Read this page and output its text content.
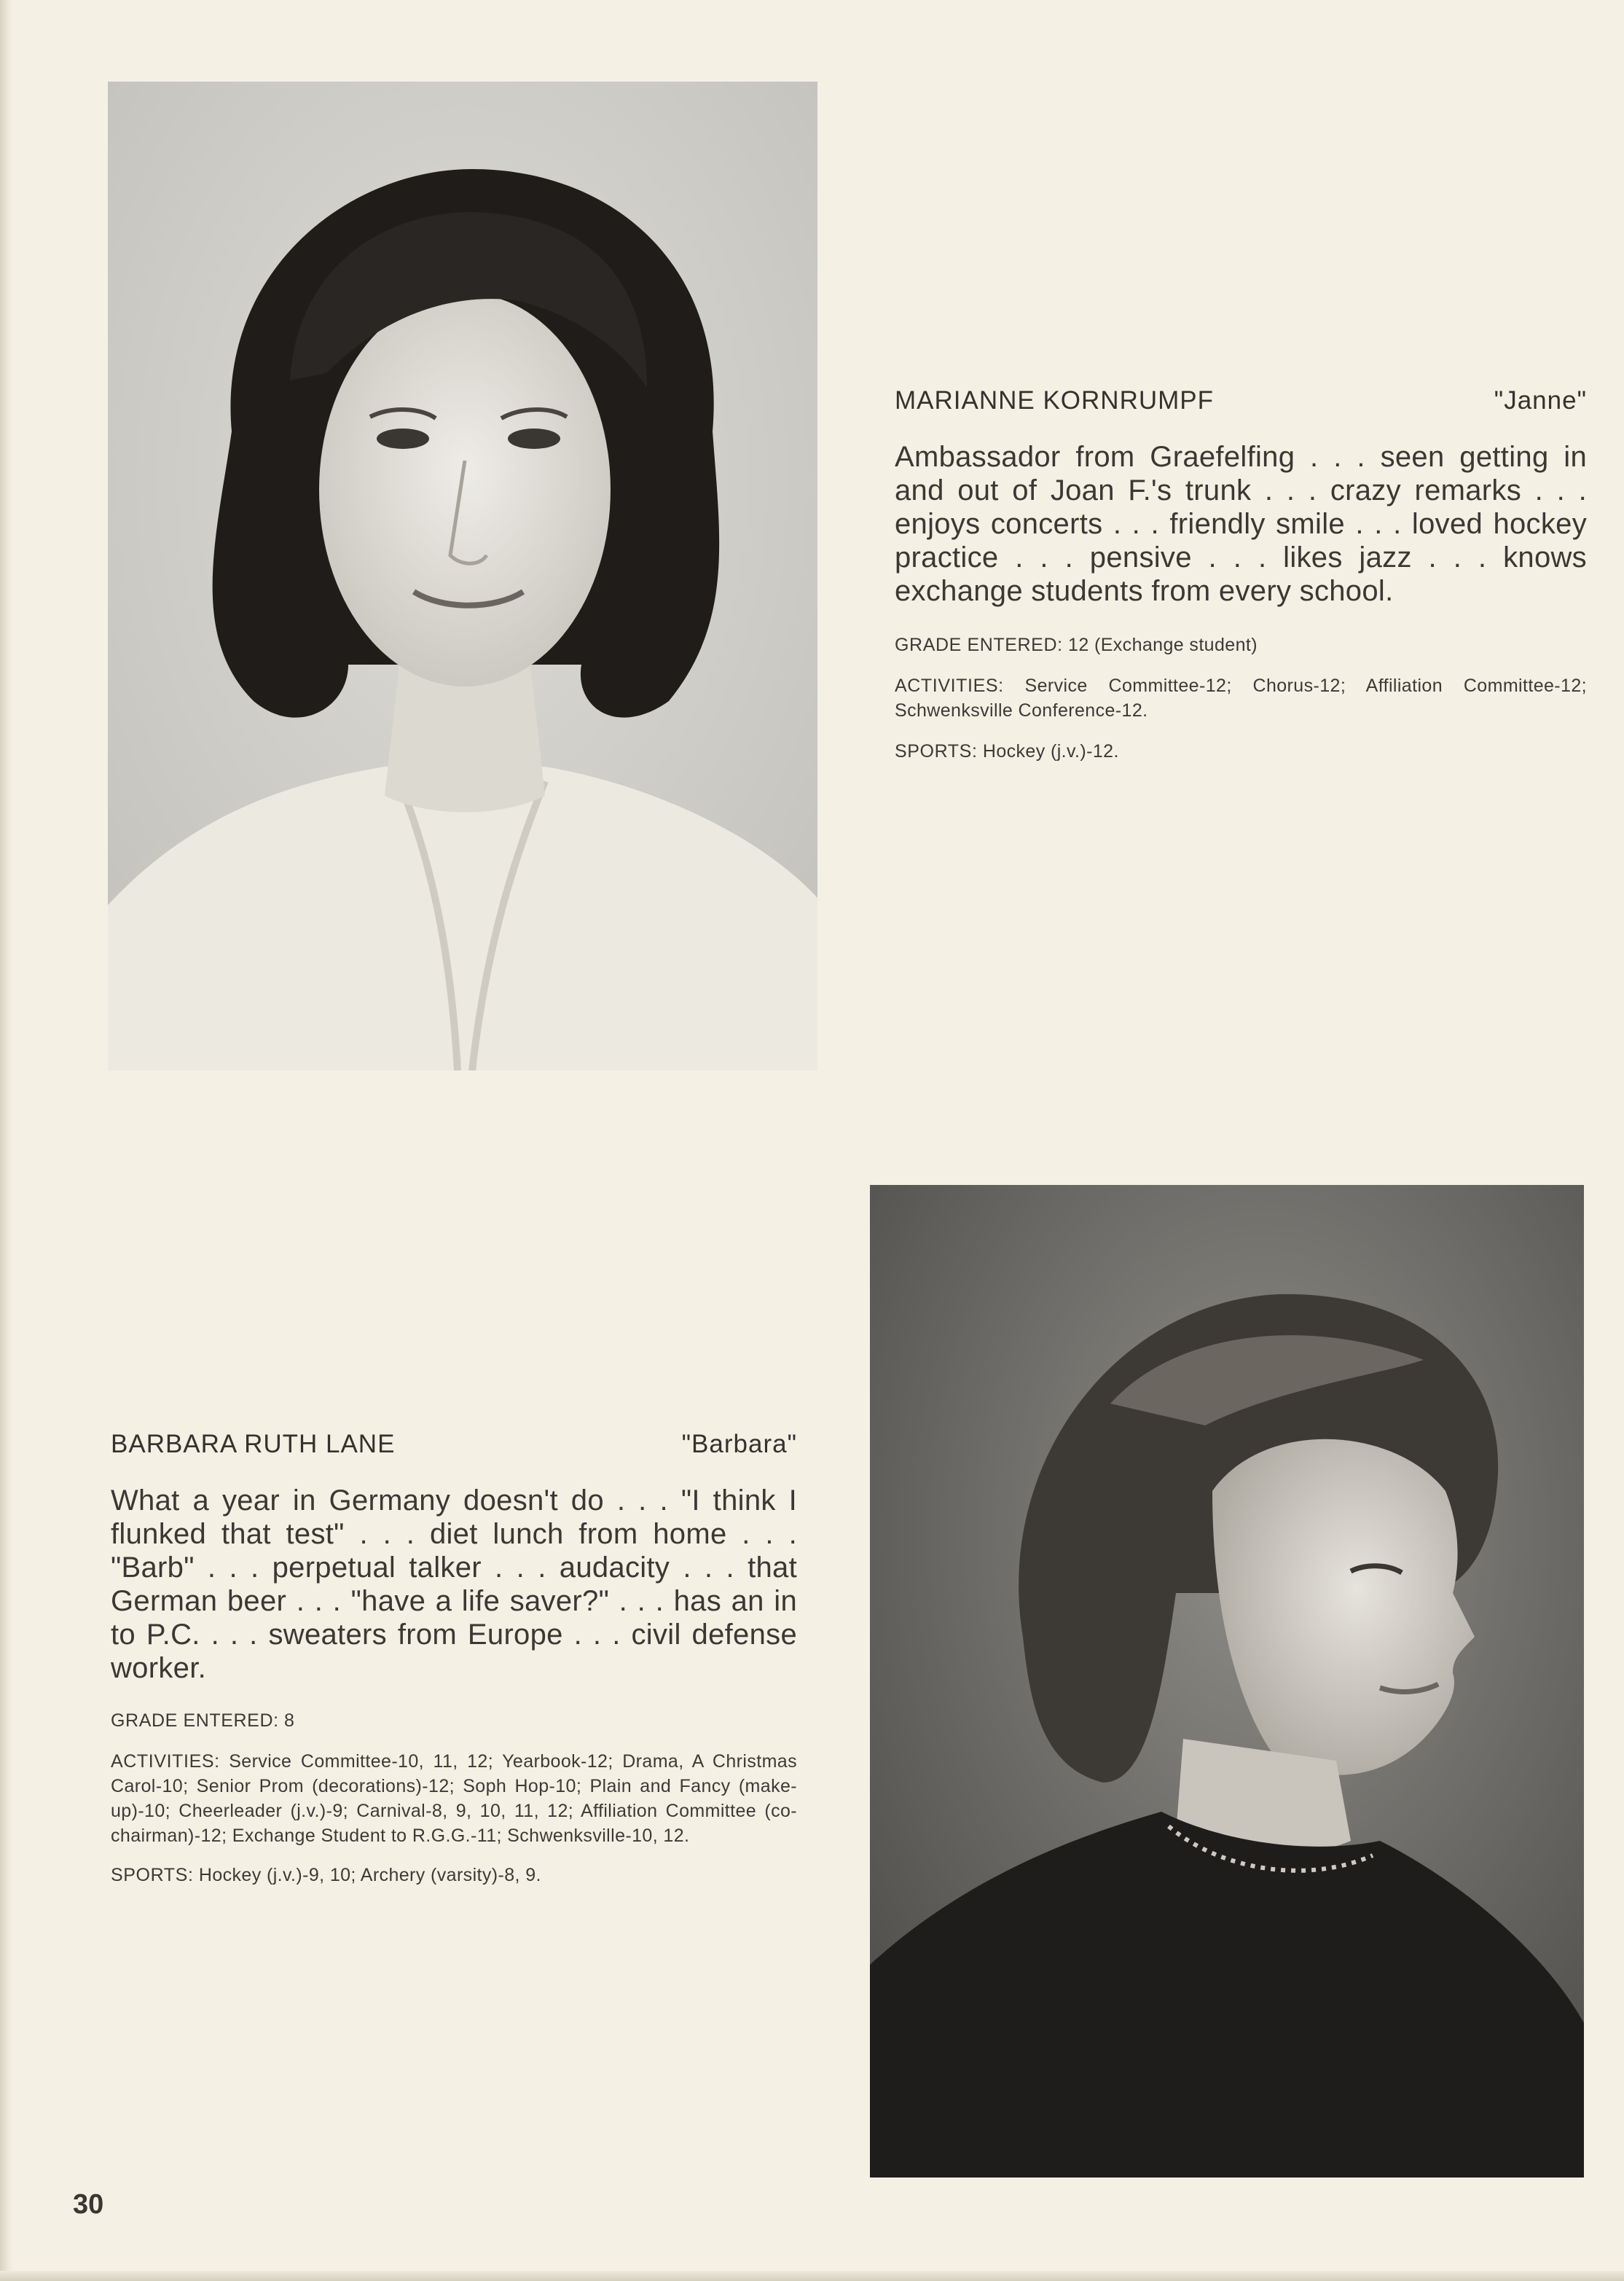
MARIANNE KORNRUMPF	"Janne"
Ambassador from Graefelfing . . . seen getting in and out of Joan F.'s trunk . . . crazy remarks . . . enjoys concerts . . . friendly smile . . . loved hockey practice . . . pensive . . . likes jazz . . . knows exchange students from every school.
GRADE ENTERED: 12 (Exchange student)
ACTIVITIES: Service Committee-12; Chorus-12; Affiliation Committee-12; Schwenksville Conference-12.
SPORTS: Hockey (j.v.)-12.
BARBARA RUTH LANE	"Barbara"
What a year in Germany doesn't do . . . "I think I flunked that test" . . . diet lunch from home . . . "Barb" . . . perpetual talker . . . audacity . . . that German beer . . . "have a life saver?" . . . has an in to P.C. . . . sweaters from Europe . . . civil defense worker.
GRADE ENTERED: 8
ACTIVITIES: Service Committee-10, 11, 12; Yearbook-12; Drama, A Christmas Carol-10; Senior Prom (decorations)-12; Soph Hop-10; Plain and Fancy (make-up)-10; Cheerleader (j.v.)-9; Carnival-8, 9, 10, 11, 12; Affiliation Committee (co-chairman)-12; Exchange Student to R.G.G.-11; Schwenksville-10, 12.
SPORTS: Hockey (j.v.)-9, 10; Archery (varsity)-8, 9.
30
